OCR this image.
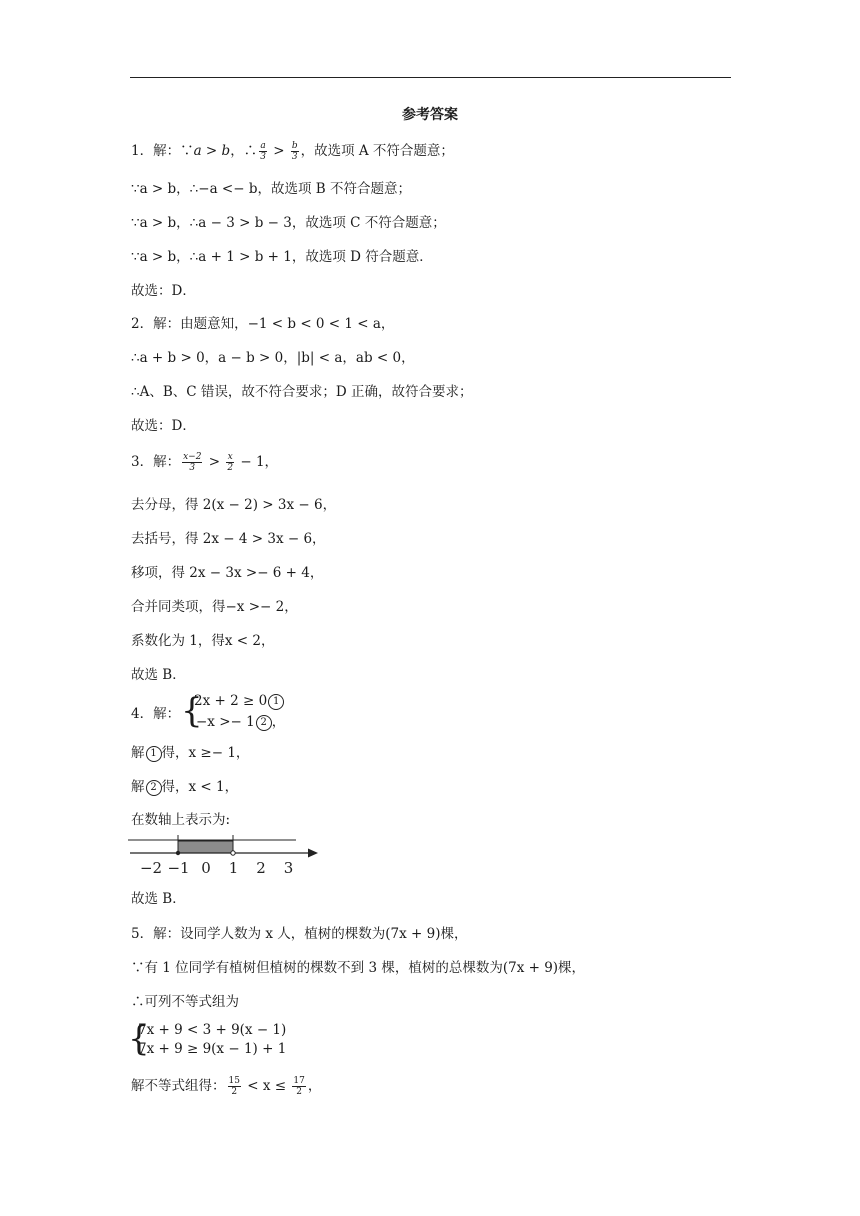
参考答案
1．解：∵a > b，∴ $\frac{a}{3} > \frac{b}{3}$ ，故选项 A 不符合题意；
∵a > b，∴−a <− b，故选项 B 不符合题意；
∵a > b，∴a − 3 > b − 3，故选项 C 不符合题意；
∵a > b，∴a + 1 > b + 1，故选项 D 符合题意．
故选：D．
2．解：由题意知，−1 < b < 0 < 1 < a，
∴a + b > 0，a − b > 0，|b| < a，ab < 0，
∴A、B、C 错误，故不符合要求；D 正确，故符合要求；
故选：D．
3．解： $\frac{x-2}{3} > \frac{x}{2} - 1$，
去分母，得 2(x − 2) > 3x − 6，
去括号，得 2x − 4 > 3x − 6，
移项，得 2x − 3x >− 6 + 4，
合并同类项，得−x >− 2，
系数化为 1，得x < 2，
故选 B．
4．解： {
2x + 2 ≥ 0 1
−x >− 1 2 ，
解 1 得，x ≥− 1，
解 2 得，x < 1，
在数轴上表示为:
−2 −1 0 1 2 3
故选 B．
5．解：设同学人数为 x 人，植树的棵数为(7x + 9)棵，
∵有 1 位同学有植树但植树的棵数不到 3 棵，植树的总棵数为(7x + 9)棵，
∴可列不等式组为
{
7x + 9 < 3 + 9(x − 1)
7x + 9 ≥ 9(x − 1) + 1
解不等式组得： $\frac{15}{2} < x \le \frac{17}{2}$ ，
